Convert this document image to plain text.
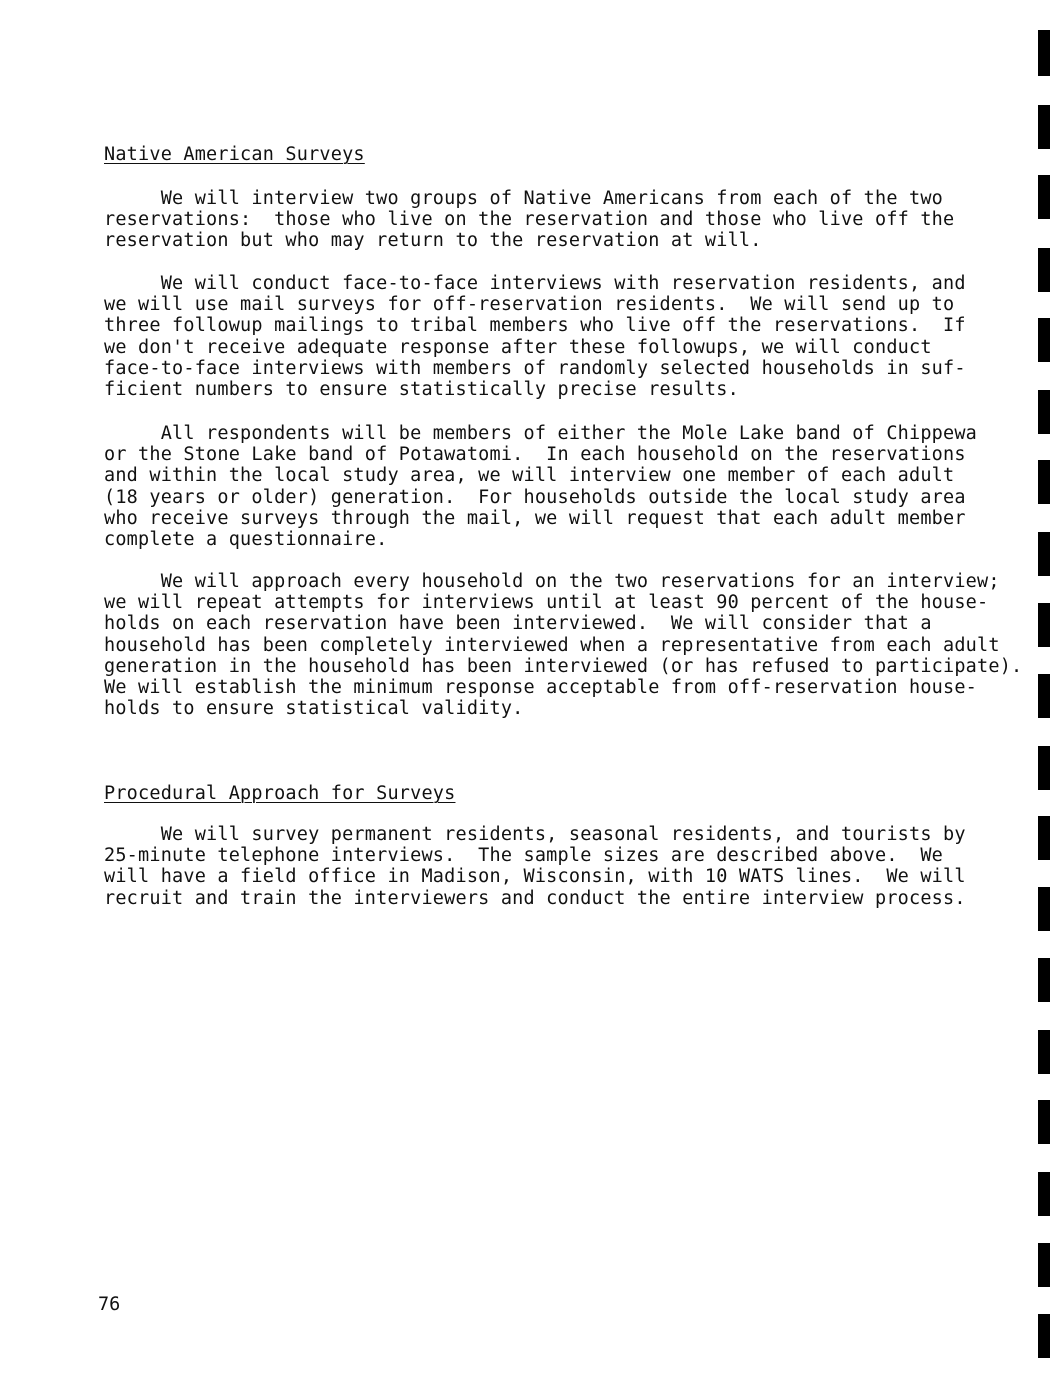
Native American Surveys
We will interview two groups of Native Americans from each of the two
reservations:  those who live on the reservation and those who live off the
reservation but who may return to the reservation at will.
We will conduct face-to-face interviews with reservation residents, and
we will use mail surveys for off-reservation residents.  We will send up to
three followup mailings to tribal members who live off the reservations.  If
we don't receive adequate response after these followups, we will conduct
face-to-face interviews with members of randomly selected households in suf-
ficient numbers to ensure statistically precise results.
All respondents will be members of either the Mole Lake band of Chippewa
or the Stone Lake band of Potawatomi.  In each household on the reservations
and within the local study area, we will interview one member of each adult
(18 years or older) generation.  For households outside the local study area
who receive surveys through the mail, we will request that each adult member
complete a questionnaire.
We will approach every household on the two reservations for an interview;
we will repeat attempts for interviews until at least 90 percent of the house-
holds on each reservation have been interviewed.  We will consider that a
household has been completely interviewed when a representative from each adult
generation in the household has been interviewed (or has refused to participate).
We will establish the minimum response acceptable from off-reservation house-
holds to ensure statistical validity.
Procedural Approach for Surveys
We will survey permanent residents, seasonal residents, and tourists by
25-minute telephone interviews.  The sample sizes are described above.  We
will have a field office in Madison, Wisconsin, with 10 WATS lines.  We will
recruit and train the interviewers and conduct the entire interview process.
76
